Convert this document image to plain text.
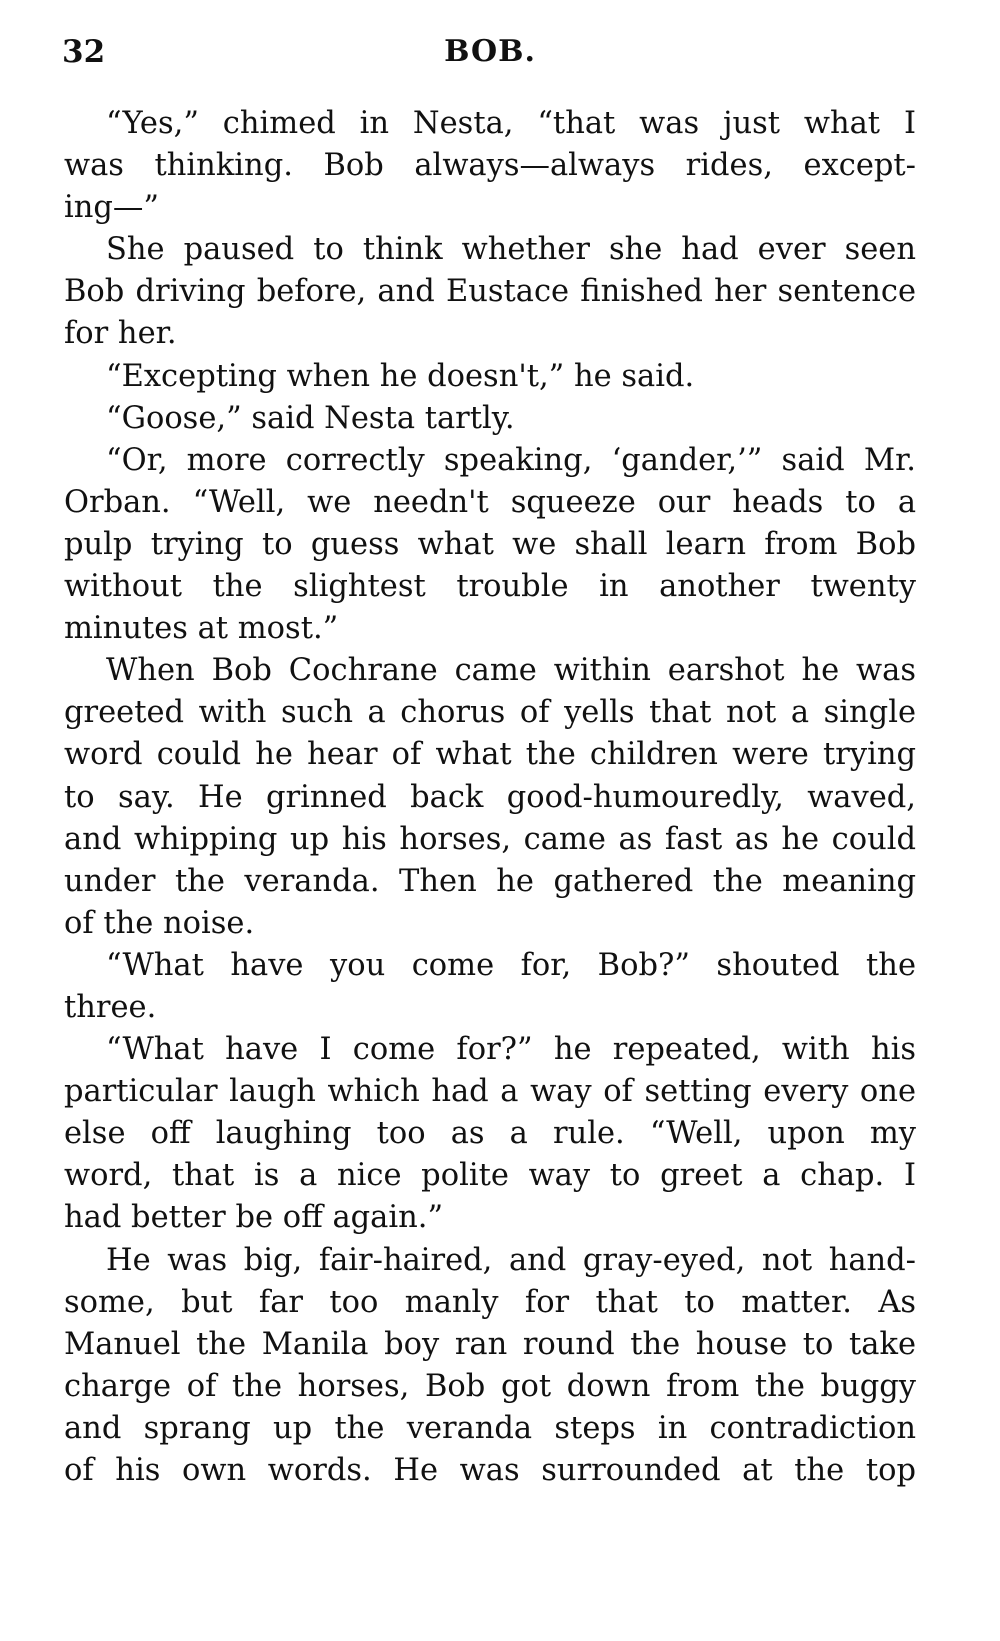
32	BOB.
“Yes,” chimed in Nesta, “that was just what I
was thinking. Bob always—always rides, except-
ing—”
She paused to think whether she had ever seen
Bob driving before, and Eustace finished her sentence
for her.
“Excepting when he doesn't,” he said.
“Goose,” said Nesta tartly.
“Or, more correctly speaking, ‘gander,’” said Mr.
Orban. “Well, we needn't squeeze our heads to a
pulp trying to guess what we shall learn from Bob
without the slightest trouble in another twenty
minutes at most.”
When Bob Cochrane came within earshot he was
greeted with such a chorus of yells that not a single
word could he hear of what the children were trying
to say. He grinned back good-humouredly, waved,
and whipping up his horses, came as fast as he could
under the veranda. Then he gathered the meaning
of the noise.
“What have you come for, Bob?” shouted the
three.
“What have I come for?” he repeated, with his
particular laugh which had a way of setting every one
else off laughing too as a rule. “Well, upon my
word, that is a nice polite way to greet a chap. I
had better be off again.”
He was big, fair-haired, and gray-eyed, not hand-
some, but far too manly for that to matter. As
Manuel the Manila boy ran round the house to take
charge of the horses, Bob got down from the buggy
and sprang up the veranda steps in contradiction
of his own words. He was surrounded at the top
